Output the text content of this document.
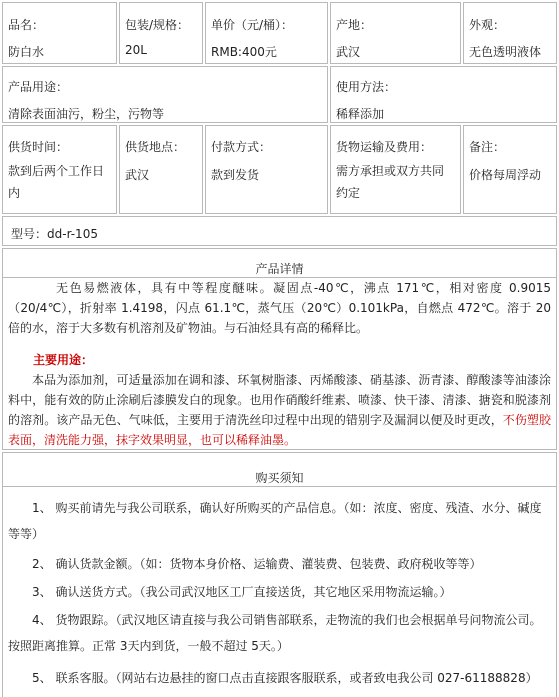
品名：
防白水
包装/规格：
20L
单价（元/桶）：
RMB:400元
产地：
武汉
外观：
无色透明液体
产品用途：
清除表面油污，粉尘，污物等
使用方法：
稀释添加
供货时间：
款到后两个工作日内
供货地点：
武汉
付款方式：
款到发货
货物运输及费用：
需方承担或双方共同约定
备注：
价格每周浮动
型号：dd-r-105
产品详情
无色易燃液体，具有中等程度醚味。凝固点-40℃，沸点 171℃，相对密度 0.9015（20/4℃），折射率 1.4198，闪点 61.1℃，蒸气压（20℃）0.101kPa，自燃点 472℃。溶于 20 倍的水，溶于大多数有机溶剂及矿物油。与石油烃具有高的稀释比。
主要用途：
本品为添加剂，可适量添加在调和漆、环氧树脂漆、丙烯酸漆、硝基漆、沥青漆、醇酸漆等油漆涂料中，能有效的防止涂刷后漆膜发白的现象。也用作硝酸纤维素、喷漆、快干漆、清漆、搪瓷和脱漆剂的溶剂。该产品无色、气味低，主要用于清洗丝印过程中出现的错别字及漏洞以便及时更改，不伤塑胶表面，清洗能力强，抹字效果明显，也可以稀释油墨。
购买须知
1、 购买前请先与我公司联系，确认好所购买的产品信息。（如：浓度、密度、残渣、水分、碱度等等）
2、 确认货款金额。（如：货物本身价格、运输费、灌装费、包装费、政府税收等等）
3、 确认送货方式。（我公司武汉地区工厂直接送货，其它地区采用物流运输。）
4、 货物跟踪。（武汉地区请直接与我公司销售部联系，走物流的我们也会根据单号问物流公司。按照距离推算。正常 3天内到货，一般不超过 5天。）
5、 联系客服。（网站右边悬挂的窗口点击直接跟客服联系，或者致电我公司 027-61188828）
